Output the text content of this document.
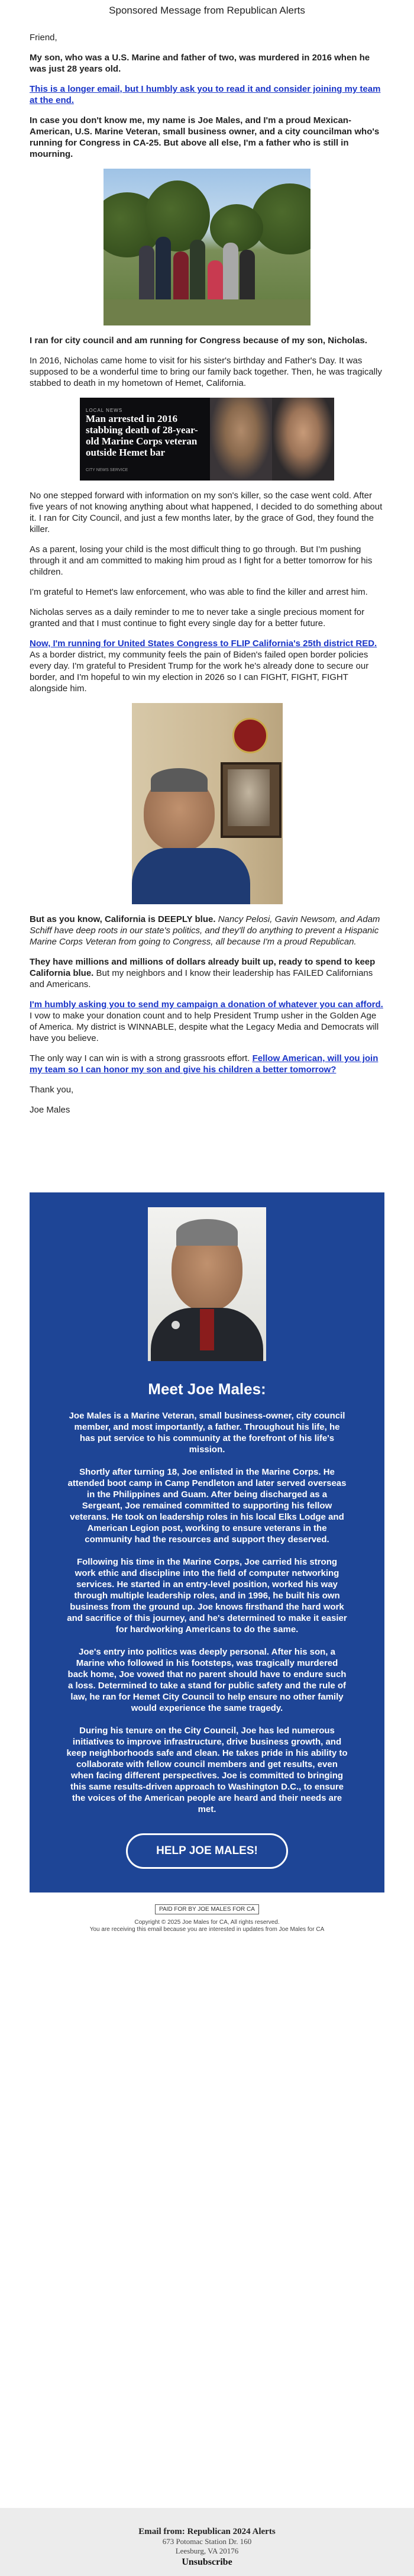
Sponsored Message from Republican Alerts

Friend,

My son, who was a U.S. Marine and father of two, was murdered in 2016 when he was just 28 years old.

This is a longer email, but I humbly ask you to read it and consider joining my team at the end.

In case you don't know me, my name is Joe Males, and I'm a proud Mexican-American, U.S. Marine Veteran, small business owner, and a city councilman who's running for Congress in CA-25. But above all else, I'm a father who is still in mourning.

I ran for city council and am running for Congress because of my son, Nicholas.

In 2016, Nicholas came home to visit for his sister's birthday and Father's Day. It was supposed to be a wonderful time to bring our family back together. Then, he was tragically stabbed to death in my hometown of Hemet, California.

LOCAL NEWS
Man arrested in 2016 stabbing death of 28-year-old Marine Corps veteran outside Hemet bar
CITY NEWS SERVICE

No one stepped forward with information on my son's killer, so the case went cold. After five years of not knowing anything about what happened, I decided to do something about it. I ran for City Council, and just a few months later, by the grace of God, they found the killer.

As a parent, losing your child is the most difficult thing to go through. But I'm pushing through it and am committed to making him proud as I fight for a better tomorrow for his children.

I'm grateful to Hemet's law enforcement, who was able to find the killer and arrest him.

Nicholas serves as a daily reminder to me to never take a single precious moment for granted and that I must continue to fight every single day for a better future.

Now, I'm running for United States Congress to FLIP California's 25th district RED. As a border district, my community feels the pain of Biden's failed open border policies every day. I'm grateful to President Trump for the work he's already done to secure our border, and I'm hopeful to win my election in 2026 so I can FIGHT, FIGHT, FIGHT alongside him.

But as you know, California is DEEPLY blue. Nancy Pelosi, Gavin Newsom, and Adam Schiff have deep roots in our state's politics, and they'll do anything to prevent a Hispanic Marine Corps Veteran from going to Congress, all because I'm a proud Republican.

They have millions and millions of dollars already built up, ready to spend to keep California blue. But my neighbors and I know their leadership has FAILED Californians and Americans.

I'm humbly asking you to send my campaign a donation of whatever you can afford. I vow to make your donation count and to help President Trump usher in the Golden Age of America. My district is WINNABLE, despite what the Legacy Media and Democrats will have you believe.

The only way I can win is with a strong grassroots effort. Fellow American, will you join my team so I can honor my son and give his children a better tomorrow?

Thank you,

Joe Males

Meet Joe Males:

Joe Males is a Marine Veteran, small business-owner, city council member, and most importantly, a father. Throughout his life, he has put service to his community at the forefront of his life's mission.

Shortly after turning 18, Joe enlisted in the Marine Corps. He attended boot camp in Camp Pendleton and later served overseas in the Philippines and Guam. After being discharged as a Sergeant, Joe remained committed to supporting his fellow veterans. He took on leadership roles in his local Elks Lodge and American Legion post, working to ensure veterans in the community had the resources and support they deserved.

Following his time in the Marine Corps, Joe carried his strong work ethic and discipline into the field of computer networking services. He started in an entry-level position, worked his way through multiple leadership roles, and in 1996, he built his own business from the ground up. Joe knows firsthand the hard work and sacrifice of this journey, and he's determined to make it easier for hardworking Americans to do the same.

Joe's entry into politics was deeply personal. After his son, a Marine who followed in his footsteps, was tragically murdered back home, Joe vowed that no parent should have to endure such a loss. Determined to take a stand for public safety and the rule of law, he ran for Hemet City Council to help ensure no other family would experience the same tragedy.

During his tenure on the City Council, Joe has led numerous initiatives to improve infrastructure, drive business growth, and keep neighborhoods safe and clean. He takes pride in his ability to collaborate with fellow council members and get results, even when facing different perspectives. Joe is committed to bringing this same results-driven approach to Washington D.C., to ensure the voices of the American people are heard and their needs are met.

HELP JOE MALES!
PAID FOR BY JOE MALES FOR CA
Copyright © 2025 Joe Males for CA, All rights reserved.
You are receiving this email because you are interested in updates from Joe Males for CA
Email from: Republican 2024 Alerts
673 Potomac Station Dr. 160
Leesburg, VA 20176
Unsubscribe
